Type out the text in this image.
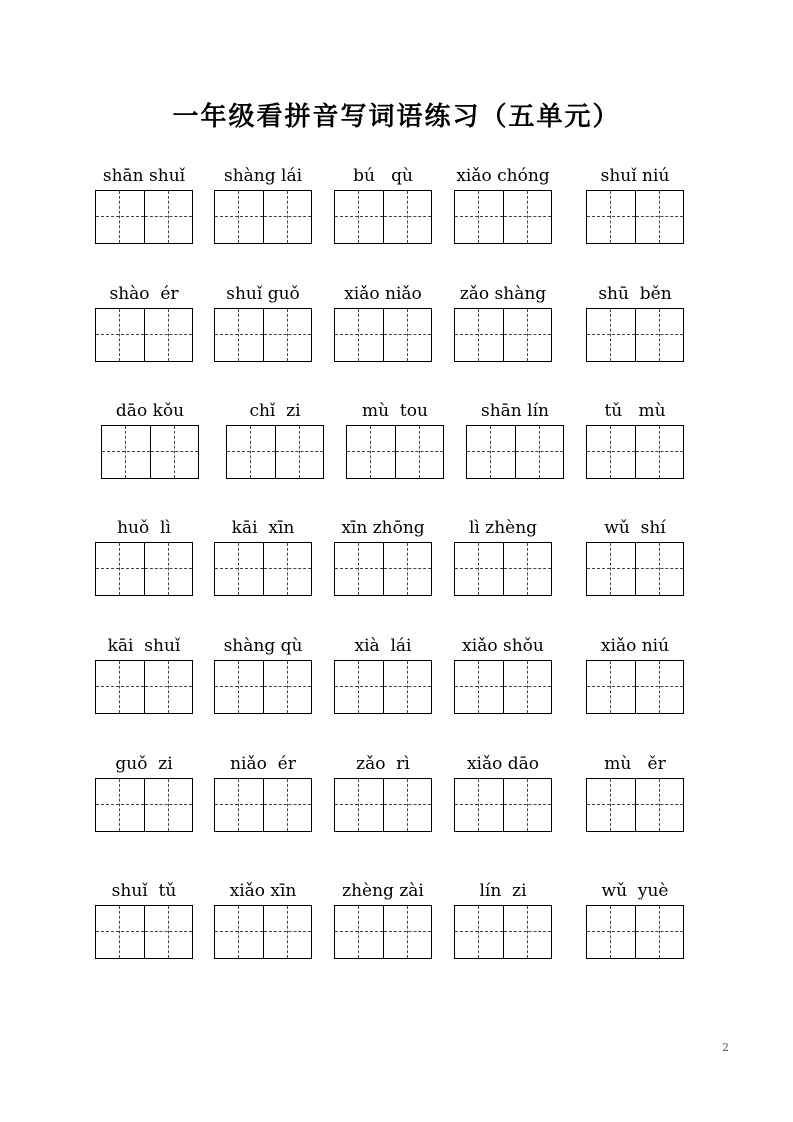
一年级看拼音写词语练习（五单元）
shān shuǐ	shàng lái	bú   qù	xiǎo chóng	shuǐ niú
shào  ér	shuǐ guǒ	xiǎo niǎo	zǎo shàng	shū  běn
dāo kǒu	chǐ  zi	mù  tou	shān lín	tǔ   mù
huǒ  lì	kāi  xīn	xīn zhōng	lì zhèng	wǔ  shí
kāi  shuǐ	shàng qù	xià  lái	xiǎo shǒu	xiǎo niú
guǒ  zi	niǎo  ér	zǎo  rì	xiǎo dāo	mù   ěr
shuǐ  tǔ	xiǎo xīn	zhèng zài	lín  zi	wǔ  yuè
2
